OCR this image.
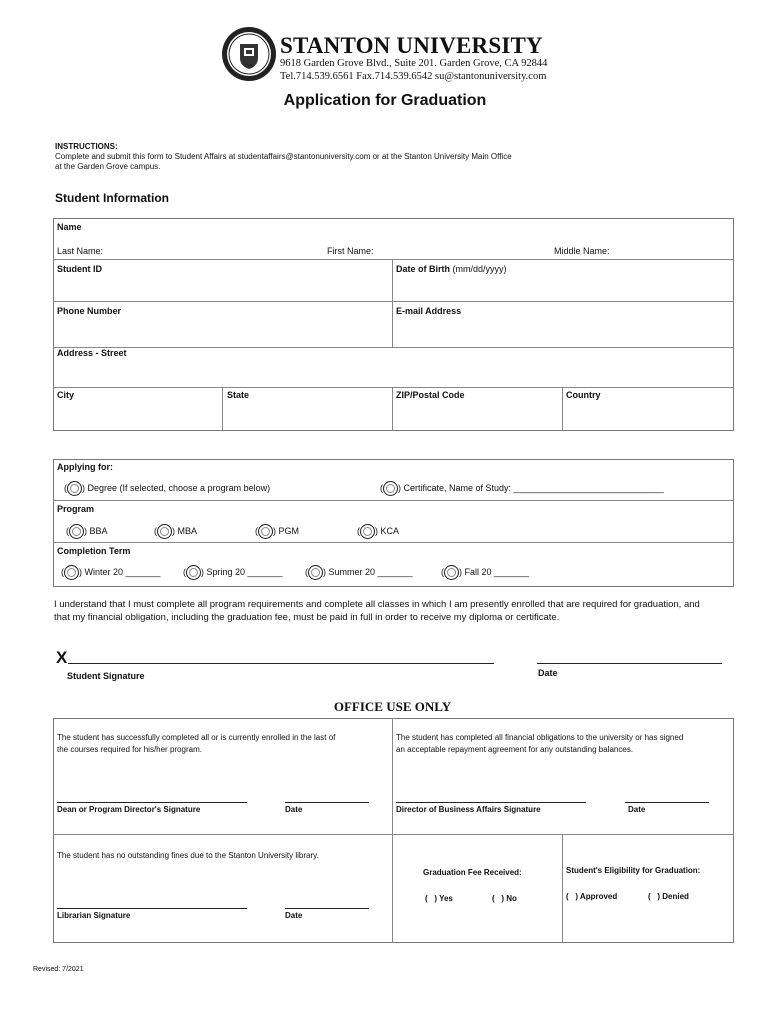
1996
STANTON UNIVERSITY
9618 Garden Grove Blvd., Suite 201. Garden Grove, CA 92844
Tel.714.539.6561 Fax.714.539.6542 su@stantonuniversity.com
Application for Graduation
INSTRUCTIONS:
Complete and submit this form to Student Affairs at studentaffairs@stantonuniversity.com or at the Stanton University Main Office
at the Garden Grove campus.
Student Information
Name
Last Name:	First Name:	Middle Name:
Student ID	Date of Birth (mm/dd/yyyy)
Phone Number	E-mail Address
Address - Street
City	State	ZIP/Postal Code	Country
Applying for:
( ) Degree (If selected, choose a program below)	( ) Certificate, Name of Study: ______________________________
Program
( ) BBA	( ) MBA	( ) PGM	( ) KCA
Completion Term
( ) Winter 20 _______ ( ) Spring 20 _______ ( ) Summer 20 _______	( ) Fall 20 _______
I understand that I must complete all program requirements and complete all classes in which I am presently enrolled that are required for graduation, and
that my financial obligation, including the graduation fee, must be paid in full in order to receive my diploma or certificate.
X
Student Signature	Date
OFFICE USE ONLY
The student has successfully completed all or is currently enrolled in the last of
the courses required for his/her program.
The student has completed all financial obligations to the university or has signed
an acceptable repayment agreement for any outstanding balances.
Dean or Program Director's Signature	Date	Director of Business Affairs Signature	Date
The student has no outstanding fines due to the Stanton University library.
Librarian Signature	Date
Graduation Fee Received:
( ) Yes	( ) No
Student's Eligibility for Graduation:
( ) Approved	( ) Denied
Revised: 7/2021
